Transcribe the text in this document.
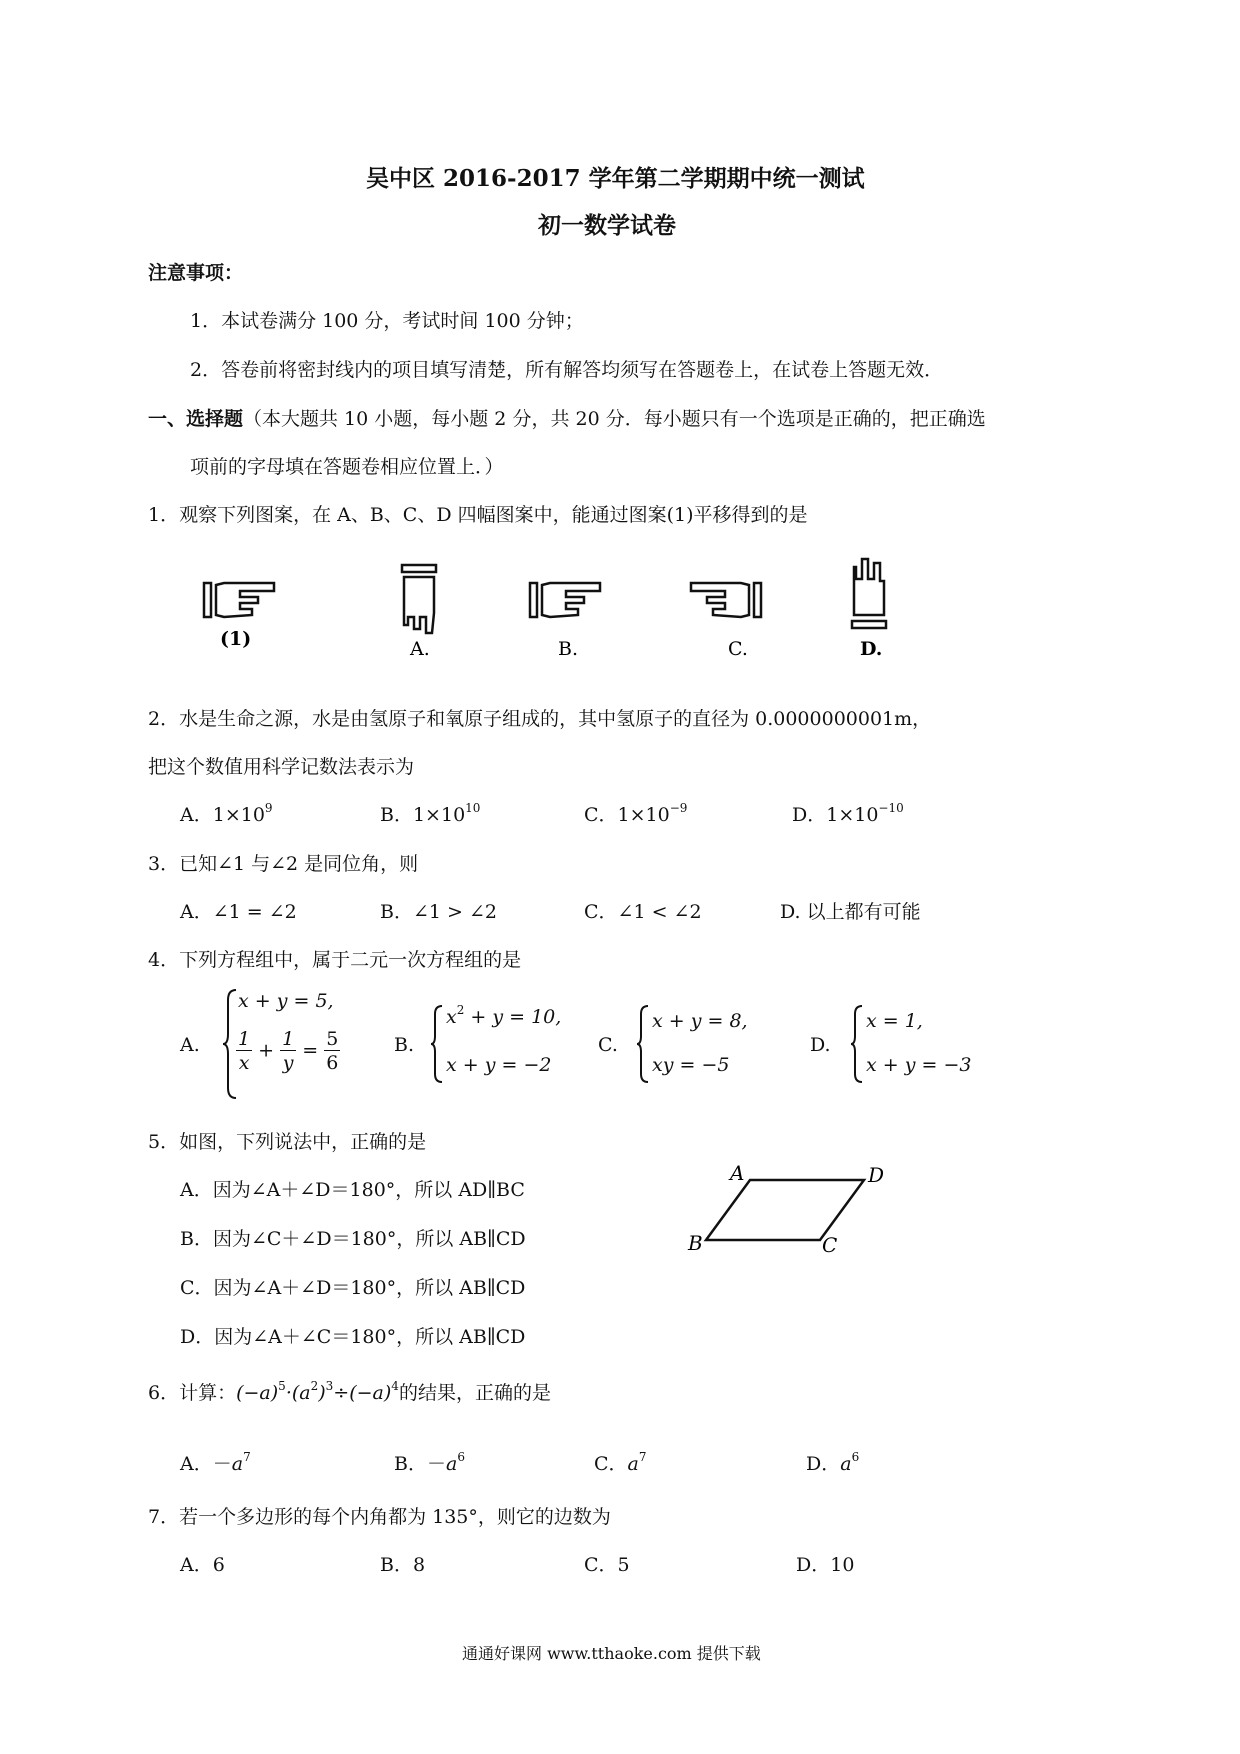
吴中区 2016-2017 学年第二学期期中统一测试
初一数学试卷
注意事项：
1．本试卷满分 100 分，考试时间 100 分钟；
2．答卷前将密封线内的项目填写清楚，所有解答均须写在答题卷上，在试卷上答题无效．
一、选择题（本大题共 10 小题，每小题 2 分，共 20 分．每小题只有一个选项是正确的，把正确选
项前的字母填在答题卷相应位置上．）
1．观察下列图案，在 A、B、C、D 四幅图案中，能通过图案(1)平移得到的是
(1)	A.	B.	C.	D.
2．水是生命之源，水是由氢原子和氧原子组成的，其中氢原子的直径为 0.0000000001m，
把这个数值用科学记数法表示为
A．$1\times 10^9$	B．$1\times 10^{10}$	C．$1\times 10^{-9}$	D．$1\times 10^{-10}$
3．已知∠1 与∠2 是同位角，则
A．∠1 = ∠2	B．∠1 > ∠2	C．∠1 < ∠2	D. 以上都有可能
4．下列方程组中，属于二元一次方程组的是
A.
x + y = 5,
$\frac{1}{x} + \frac{1}{y} = \frac{5}{6}$	B.
$x^2 + y = 10$,
x + y = −2
C.
x + y = 8,
xy = −5
D.
x = 1,
x + y = −3
5．如图，下列说法中，正确的是
A．因为∠A＋∠D＝180°，所以 AD∥BC
B．因为∠C＋∠D＝180°，所以 AB∥CD
C．因为∠A＋∠D＝180°，所以 AB∥CD
D．因为∠A＋∠C＝180°，所以 AB∥CD
A	D
B	C
6．计算：$(-a)^5\cdot(a^2)^3\div(-a)^4$的结果，正确的是
A．$-a^7$	B．$-a^6$	C．$a^7$	D．$a^6$
7．若一个多边形的每个内角都为 135°，则它的边数为
A．6	B．8	C．5	D．10
通通好课网 www.tthaoke.com 提供下载
